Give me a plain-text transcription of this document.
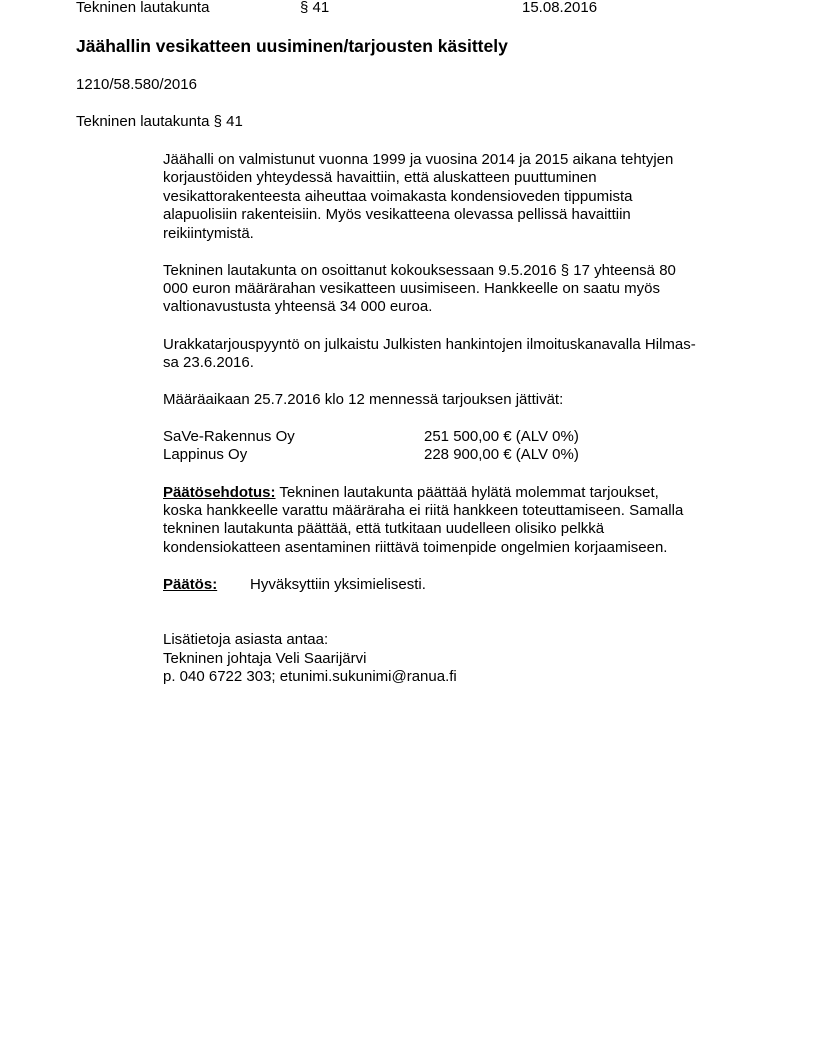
Tekninen lautakunta	§ 41	15.08.2016
Jäähallin vesikatteen uusiminen/tarjousten käsittely
1210/58.580/2016
Tekninen lautakunta § 41
Jäähalli on valmistunut vuonna 1999 ja vuosina 2014 ja 2015 aikana tehtyjen
korjaustöiden yhteydessä havaittiin, että aluskatteen puuttuminen
vesikattorakenteesta aiheuttaa voimakasta kondensioveden tippumista
alapuolisiin rakenteisiin. Myös vesikatteena olevassa pellissä havaittiin
reikiintymistä.
Tekninen lautakunta on osoittanut kokouksessaan 9.5.2016 § 17 yhteensä 80
000 euron määrärahan vesikatteen uusimiseen. Hankkeelle on saatu myös
valtionavustusta yhteensä 34 000 euroa.
Urakkatarjouspyyntö on julkaistu Julkisten hankintojen ilmoituskanavalla Hilmas-
sa 23.6.2016.
Määräaikaan 25.7.2016 klo 12 mennessä tarjouksen jättivät:
SaVe-Rakennus Oy	251 500,00 € (ALV 0%)
Lappinus Oy	228 900,00 € (ALV 0%)
Päätösehdotus: Tekninen lautakunta päättää hylätä molemmat tarjoukset,
koska hankkeelle varattu määräraha ei riitä hankkeen toteuttamiseen. Samalla
tekninen lautakunta päättää, että tutkitaan uudelleen olisiko pelkkä
kondensiokatteen asentaminen riittävä toimenpide ongelmien korjaamiseen.
Päätös: Hyväksyttiin yksimielisesti.
Lisätietoja asiasta antaa:
Tekninen johtaja Veli Saarijärvi
p. 040 6722 303; etunimi.sukunimi@ranua.fi
